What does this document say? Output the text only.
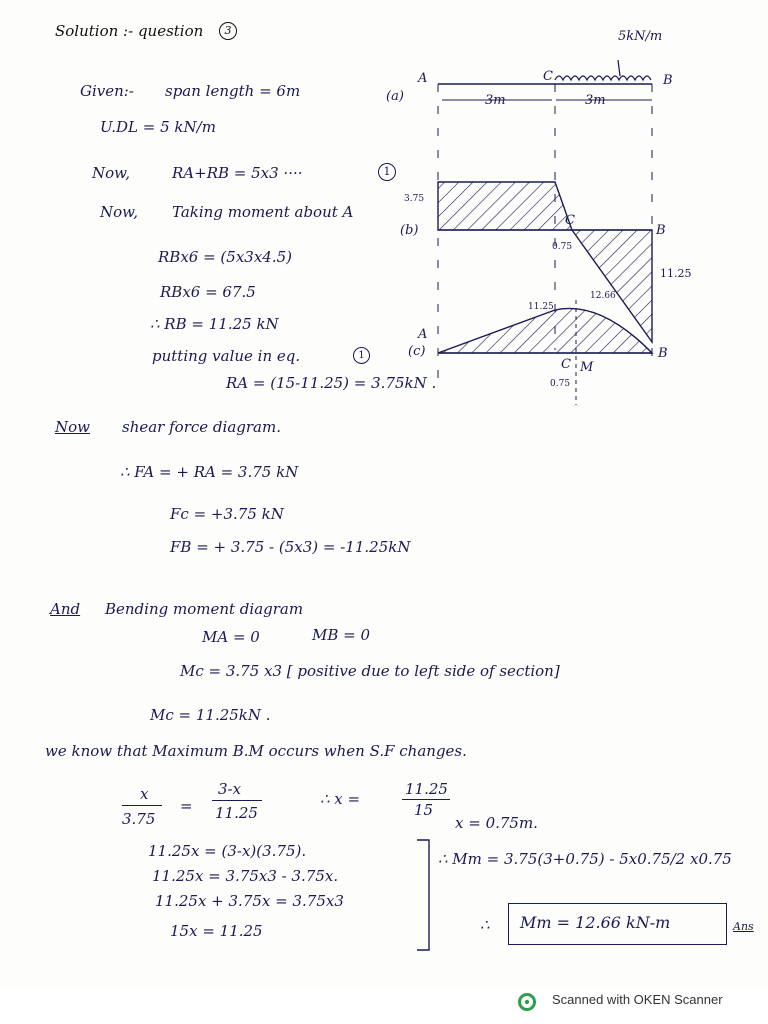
Solution :- question	3
Given:- span length = 6m
U.DL = 5 kN/m
Now,	RA+RB = 5x3 ····	1
Now, Taking moment about A
RBx6 = (5x3x4.5)
RBx6 = 67.5
∴ RB = 11.25 kN
putting value in eq.	1
RA = (15-11.25) = 3.75kN .
Now shear force diagram.
∴ FA = + RA = 3.75 kN
Fc = +3.75 kN
FB = + 3.75 - (5x3) = -11.25kN
And Bending moment diagram
MA = 0	MB = 0
Mc = 3.75 x3 [ positive due to left side of section]
Mc = 11.25kN .
we know that Maximum B.M occurs when S.F changes.
x
3.75
=
3-x
11.25
∴ x =
11.25
15
x = 0.75m.
11.25x = (3-x)(3.75).
11.25x = 3.75x3 - 3.75x.
11.25x + 3.75x = 3.75x3
15x = 11.25
∴ Mm = 3.75(3+0.75) - 5x0.75/2 x0.75
∴ Mm = 12.66 kN-m	Ans
A
(a)
C	B
5kN/m
3m	3m
3.75
(b)
C
B
0.75
11.25
11.25
12.66
A
(c)
C M
B
0.75
Scanned with OKEN Scanner
